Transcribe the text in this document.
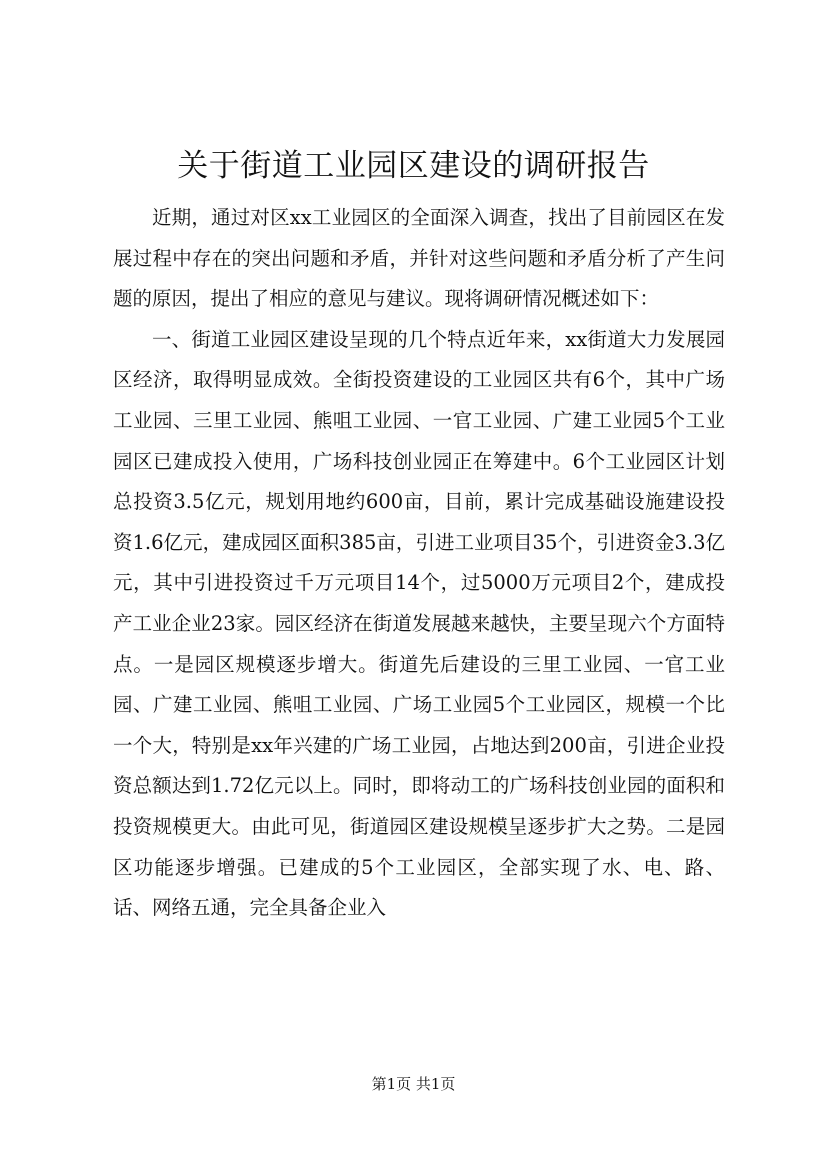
关于街道工业园区建设的调研报告

近期，通过对区xx工业园区的全面深入调查，找出了目前园区在发展过程中存在的突出问题和矛盾，并针对这些问题和矛盾分析了产生问题的原因，提出了相应的意见与建议。现将调研情况概述如下：

一、街道工业园区建设呈现的几个特点近年来，xx街道大力发展园区经济，取得明显成效。全街投资建设的工业园区共有6个，其中广场工业园、三里工业园、熊咀工业园、一官工业园、广建工业园5个工业园区已建成投入使用，广场科技创业园正在筹建中。6个工业园区计划总投资3.5亿元，规划用地约600亩，目前，累计完成基础设施建设投资1.6亿元，建成园区面积385亩，引进工业项目35个，引进资金3.3亿元，其中引进投资过千万元项目14个，过5000万元项目2个，建成投产工业企业23家。园区经济在街道发展越来越快，主要呈现六个方面特点。一是园区规模逐步增大。街道先后建设的三里工业园、一官工业园、广建工业园、熊咀工业园、广场工业园5个工业园区，规模一个比一个大，特别是xx年兴建的广场工业园，占地达到200亩，引进企业投资总额达到1.72亿元以上。同时，即将动工的广场科技创业园的面积和投资规模更大。由此可见，街道园区建设规模呈逐步扩大之势。二是园区功能逐步增强。已建成的5个工业园区，全部实现了水、电、路、话、网络五通，完全具备企业入

第1页 共1页
